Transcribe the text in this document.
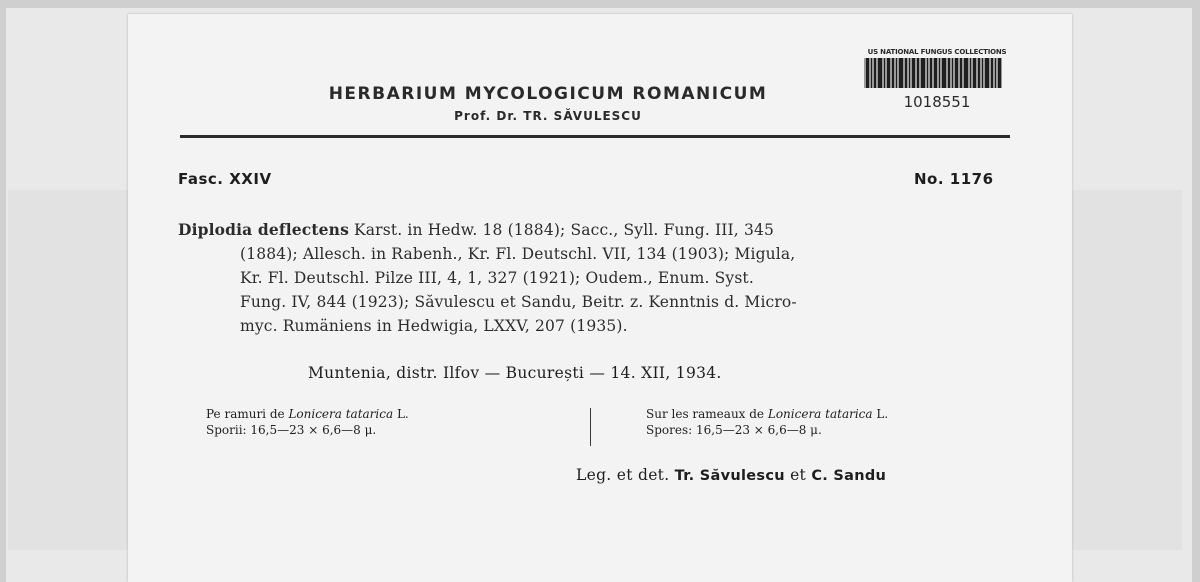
HERBARIUM MYCOLOGICUM ROMANICUM
Prof. Dr. TR. SĂVULESCU
US NATIONAL FUNGUS COLLECTIONS
1018551
Fasc. XXIV	No. 1176
Diplodia deflectens Karst. in Hedw. 18 (1884); Sacc., Syll. Fung. III, 345
(1884); Allesch. in Rabenh., Kr. Fl. Deutschl. VII, 134 (1903); Migula,
Kr. Fl. Deutschl. Pilze III, 4, 1, 327 (1921); Oudem., Enum. Syst.
Fung. IV, 844 (1923); Săvulescu et Sandu, Beitr. z. Kenntnis d. Micro-
myc. Rumäniens in Hedwigia, LXXV, 207 (1935).
Muntenia, distr. Ilfov — București — 14. XII, 1934.
Pe ramuri de Lonicera tatarica L.
Sporii: 16,5—23 × 6,6—8 μ.
Sur les rameaux de Lonicera tatarica L.
Spores: 16,5—23 × 6,6—8 μ.
Leg. et det. Tr. Săvulescu et C. Sandu
